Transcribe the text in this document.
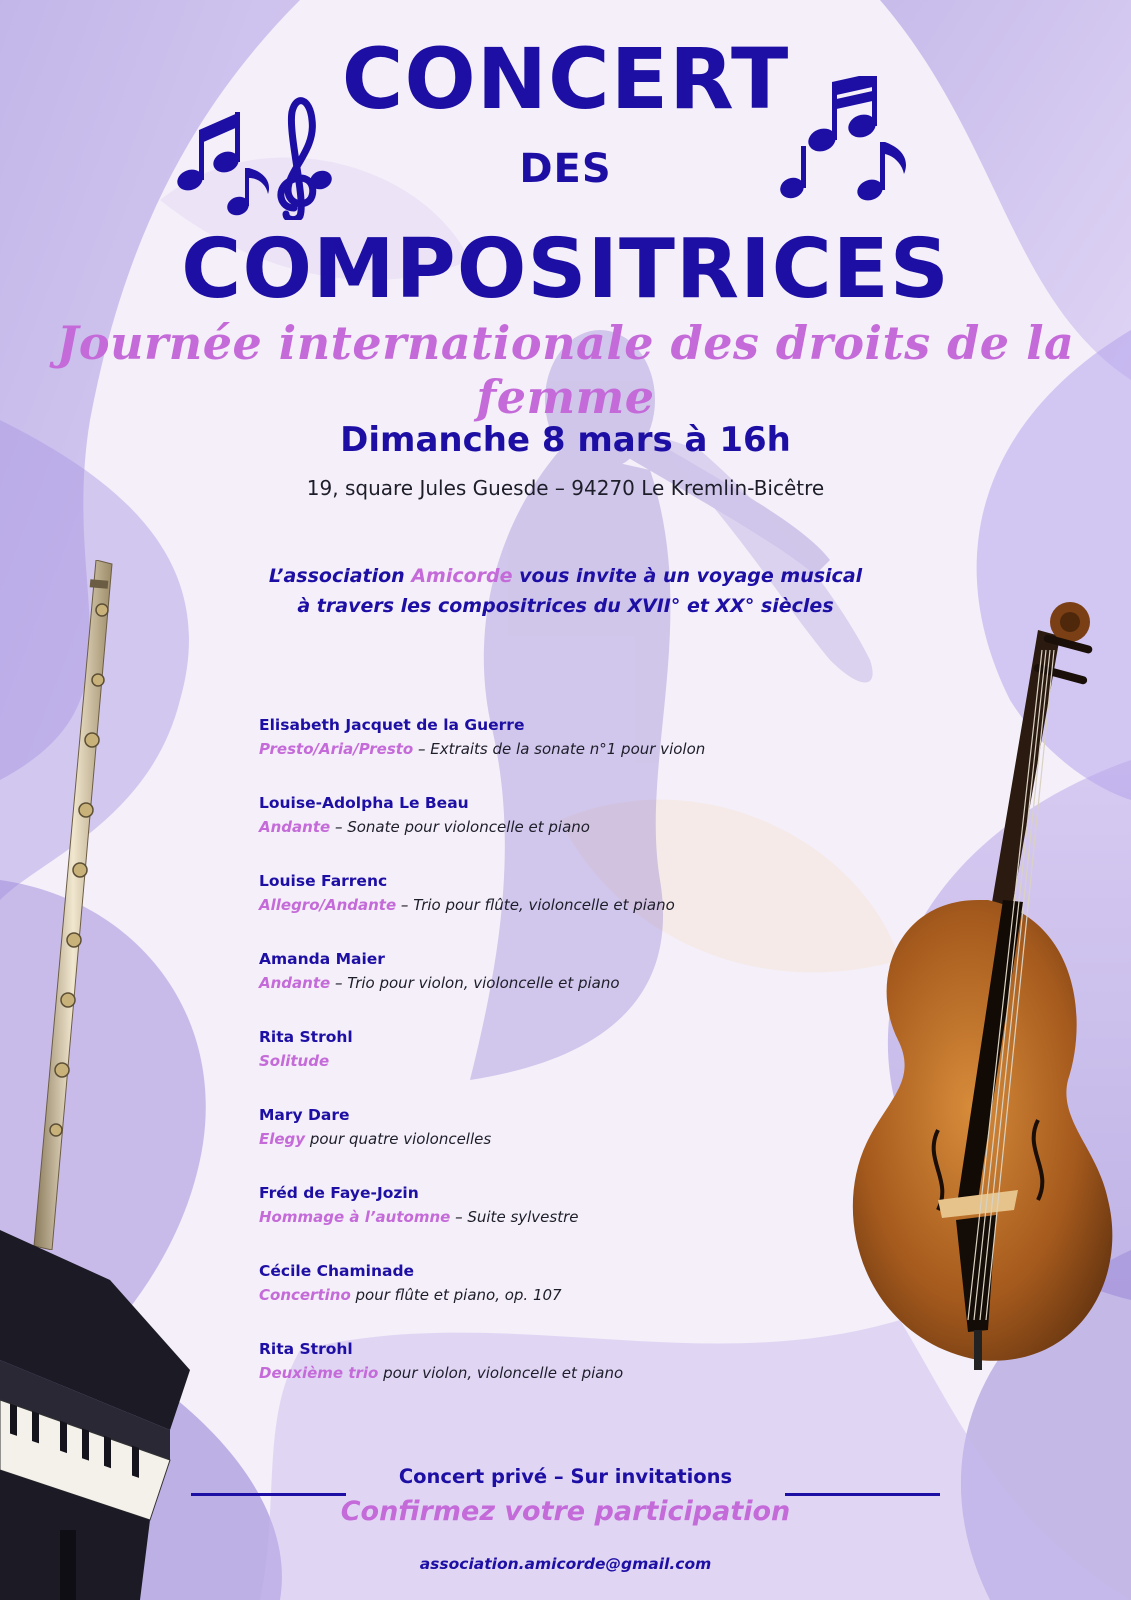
CONCERT
DES
COMPOSITRICES
Journée internationale des droits de la femme
Dimanche 8 mars à 16h
19, square Jules Guesde – 94270 Le Kremlin-Bicêtre
L’association Amicorde vous invite à un voyage musical
à travers les compositrices du XVII° et XX° siècles
Elisabeth Jacquet de la Guerre
Presto/Aria/Presto – Extraits de la sonate n°1 pour violon
Louise-Adolpha Le Beau
Andante – Sonate pour violoncelle et piano
Louise Farrenc
Allegro/Andante – Trio pour flûte, violoncelle et piano
Amanda Maier
Andante – Trio pour violon, violoncelle et piano
Rita Strohl
Solitude
Mary Dare
Elegy pour quatre violoncelles
Fréd de Faye-Jozin
Hommage à l’automne – Suite sylvestre
Cécile Chaminade
Concertino pour flûte et piano, op. 107
Rita Strohl
Deuxième trio pour violon, violoncelle et piano
Concert privé – Sur invitations
Confirmez votre participation
association.amicorde@gmail.com
